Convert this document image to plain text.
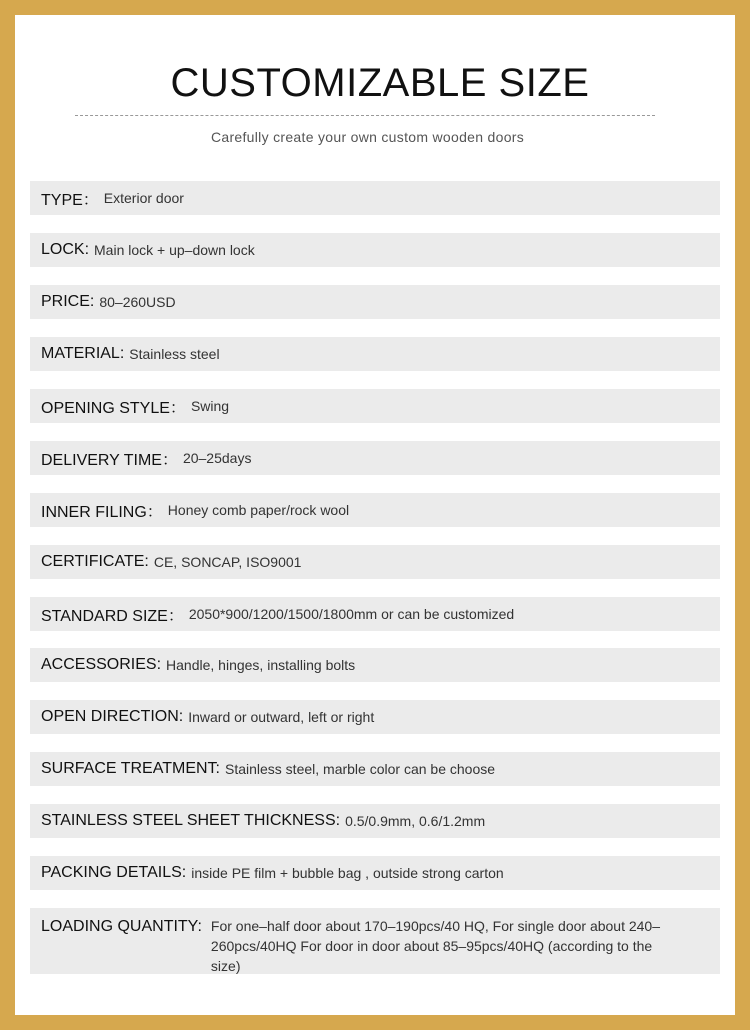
CUSTOMIZABLE SIZE
Carefully create your own custom wooden doors
TYPE： Exterior door
LOCK: Main lock + up–down lock
PRICE: 80–260USD
MATERIAL: Stainless steel
OPENING STYLE： Swing
DELIVERY TIME： 20–25days
INNER FILING： Honey comb paper/rock wool
CERTIFICATE: CE, SONCAP, ISO9001
STANDARD SIZE： 2050*900/1200/1500/1800mm or can be customized
ACCESSORIES: Handle, hinges, installing bolts
OPEN DIRECTION: Inward or outward, left or right
SURFACE TREATMENT: Stainless steel, marble color can be choose
STAINLESS STEEL SHEET THICKNESS: 0.5/0.9mm, 0.6/1.2mm
PACKING DETAILS: inside PE film + bubble bag , outside strong carton
LOADING QUANTITY: For one–half door about 170–190pcs/40 HQ, For single door about 240–260pcs/40HQ For door in door about 85–95pcs/40HQ (according to the size)
